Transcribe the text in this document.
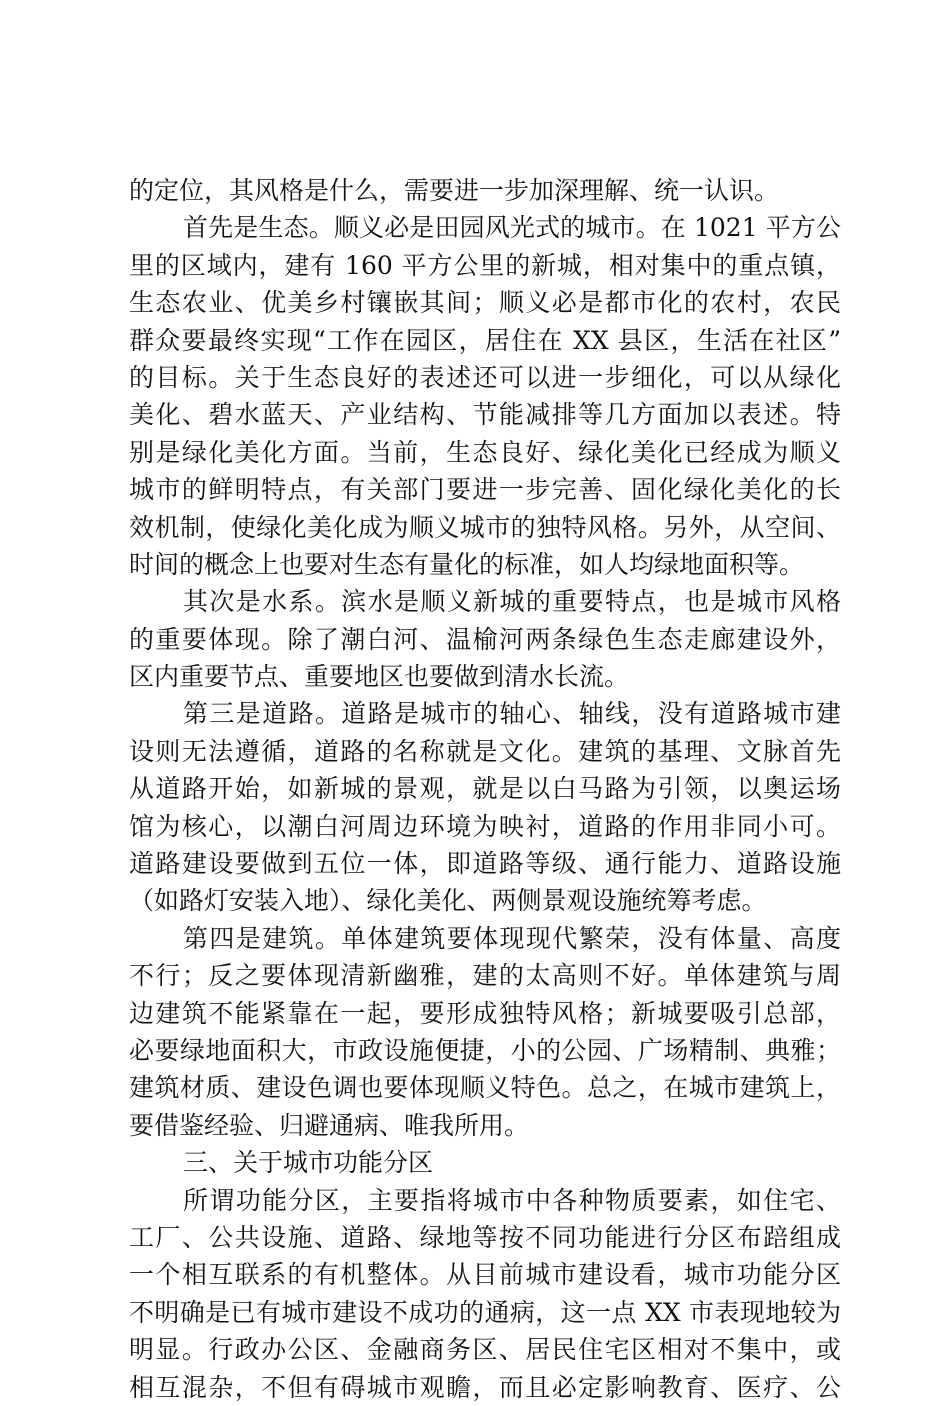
的定位，其风格是什么，需要进一步加深理解、统一认识。
首先是生态。顺义必是田园风光式的城市。在 1021 平方公
里的区域内，建有 160 平方公里的新城，相对集中的重点镇，
生态农业、优美乡村镶嵌其间；顺义必是都市化的农村，农民
群众要最终实现“工作在园区，居住在 XX 县区，生活在社区”
的目标。关于生态良好的表述还可以进一步细化，可以从绿化
美化、碧水蓝天、产业结构、节能减排等几方面加以表述。特
别是绿化美化方面。当前，生态良好、绿化美化已经成为顺义
城市的鲜明特点，有关部门要进一步完善、固化绿化美化的长
效机制，使绿化美化成为顺义城市的独特风格。另外，从空间、
时间的概念上也要对生态有量化的标准，如人均绿地面积等。
其次是水系。滨水是顺义新城的重要特点，也是城市风格
的重要体现。除了潮白河、温榆河两条绿色生态走廊建设外，
区内重要节点、重要地区也要做到清水长流。
第三是道路。道路是城市的轴心、轴线，没有道路城市建
设则无法遵循，道路的名称就是文化。建筑的基理、文脉首先
从道路开始，如新城的景观，就是以白马路为引领，以奥运场
馆为核心，以潮白河周边环境为映衬，道路的作用非同小可。
道路建设要做到五位一体，即道路等级、通行能力、道路设施
（如路灯安装入地）、绿化美化、两侧景观设施统筹考虑。
第四是建筑。单体建筑要体现现代繁荣，没有体量、高度
不行；反之要体现清新幽雅，建的太高则不好。单体建筑与周
边建筑不能紧靠在一起，要形成独特风格；新城要吸引总部，
必要绿地面积大，市政设施便捷，小的公园、广场精制、典雅；
建筑材质、建设色调也要体现顺义特色。总之，在城市建筑上，
要借鉴经验、归避通病、唯我所用。
三、关于城市功能分区
所谓功能分区，主要指将城市中各种物质要素，如住宅、
工厂、公共设施、道路、绿地等按不同功能进行分区布踣组成
一个相互联系的有机整体。从目前城市建设看，城市功能分区
不明确是已有城市建设不成功的通病，这一点 XX 市表现地较为
明显。行政办公区、金融商务区、居民住宅区相对不集中，或
相互混杂，不但有碍城市观瞻，而且必定影响教育、医疗、公
